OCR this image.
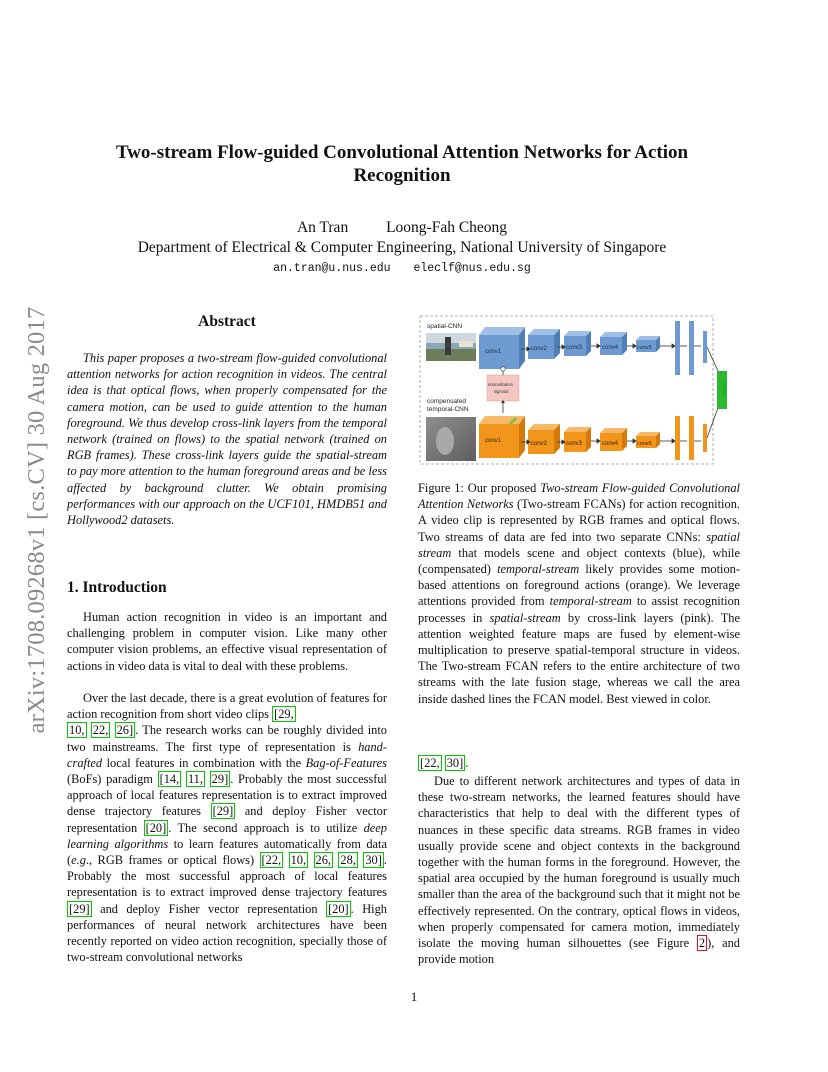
arXiv:1708.09268v1 [cs.CV] 30 Aug 2017
Two-stream Flow-guided Convolutional Attention Networks for Action Recognition
An Tran Loong-Fah Cheong
Department of Electrical & Computer Engineering, National University of Singapore
an.tran@u.nus.edu eleclf@nus.edu.sg
Abstract

This paper proposes a two-stream flow-guided convolutional attention networks for action recognition in videos. The central idea is that optical flows, when properly compensated for the camera motion, can be used to guide attention to the human foreground. We thus develop cross-link layers from the temporal network (trained on flows) to the spatial network (trained on RGB frames). These cross-link layers guide the spatial-stream to pay more attention to the human foreground areas and be less affected by background clutter. We obtain promising performances with our approach on the UCF101, HMDB51 and Hollywood2 datasets.

1. Introduction

Human action recognition in video is an important and challenging problem in computer vision. Like many other computer vision problems, an effective visual representation of actions in video data is vital to deal with these problems.

Over the last decade, there is a great evolution of features for action recognition from short video clips [29,
10, 22, 26] . The research works can be roughly divided into two mainstreams. The first type of representation is hand-crafted local features in combination with the Bag-of-Features (BoFs) paradigm [14, 11, 29] . Probably the most successful approach of local features representation is to extract improved dense trajectory features [29] and deploy Fisher vector representation [20] . The second approach is to utilize deep learning algorithms to learn features automatically from data (e.g., RGB frames or optical flows) [22, 10, 26, 28, 30] . Probably the most successful approach of local features representation is to extract improved dense trajectory features [29] and deploy Fisher vector representation [20] . High performances of neural network architectures have been recently reported on video action recognition, specially those of two-stream convolutional networks

spatial-CNN
compensated
temporal-CNN
conv1	conv2	conv3	conv4	conv5
conv1	conv2	conv3	conv4	conv5
normalization
sigmoid	fusion

Figure 1: Our proposed Two-stream Flow-guided Convolutional Attention Networks (Two-stream FCANs) for action recognition. A video clip is represented by RGB frames and optical flows. Two streams of data are fed into two separate CNNs: spatial stream that models scene and object contexts (blue), while (compensated) temporal-stream likely provides some motion-based attentions on foreground actions (orange). We leverage attentions provided from temporal-stream to assist recognition processes in spatial-stream by cross-link layers (pink). The attention weighted feature maps are fused by element-wise multiplication to preserve spatial-temporal structure in videos. The Two-stream FCAN refers to the entire architecture of two streams with the late fusion stage, whereas we call the area inside dashed lines the FCAN model. Best viewed in color.

[22, 30] .

Due to different network architectures and types of data in these two-stream networks, the learned features should have characteristics that help to deal with the different types of nuances in these specific data streams. RGB frames in video usually provide scene and object contexts in the background together with the human forms in the foreground. However, the spatial area occupied by the human foreground is usually much smaller than the area of the background such that it might not be effectively represented. On the contrary, optical flows in videos, when properly compensated for camera motion, immediately isolate the moving human silhouettes (see Figure 2 ), and provide motion

1
